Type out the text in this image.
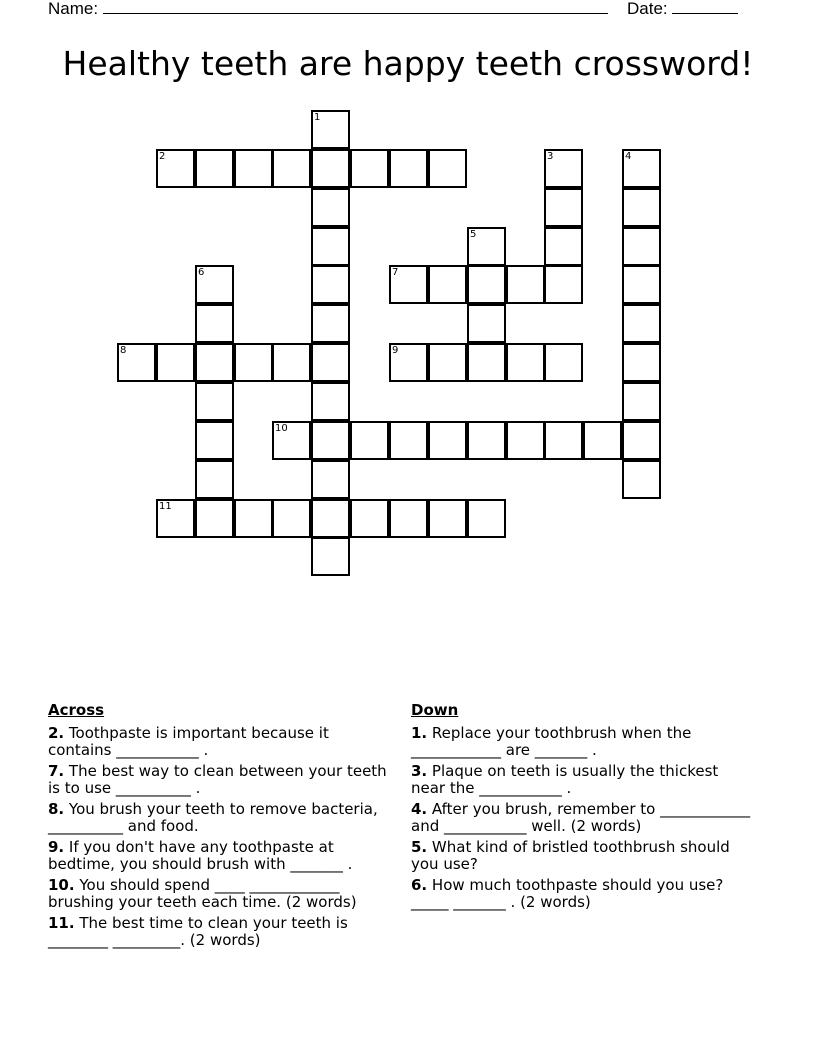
Name:	Date:
Healthy teeth are happy teeth crossword!
2
7
8	9
10
11
1
3	4
5
6
Across
2. Toothpaste is important because it contains ___________ .
7. The best way to clean between your teeth is to use __________ .
8. You brush your teeth to remove bacteria, __________ and food.
9. If you don't have any toothpaste at bedtime, you should brush with _______ .
10. You should spend ____ ____________ brushing your teeth each time. (2 words)
11. The best time to clean your teeth is ________ _________. (2 words)
Down
1. Replace your toothbrush when the ____________ are _______ .
3. Plaque on teeth is usually the thickest near the ___________ .
4. After you brush, remember to ____________ and ___________ well. (2 words)
5. What kind of bristled toothbrush should you use?
6. How much toothpaste should you use? _____ _______ . (2 words)
